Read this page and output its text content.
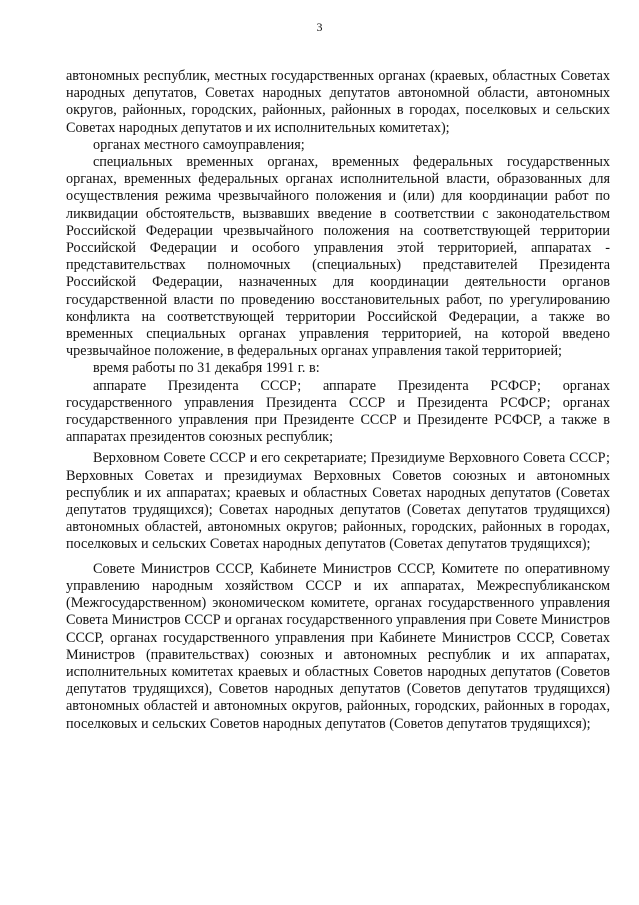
3

автономных республик, местных государственных органах (краевых, областных Советах народных депутатов, Советах народных депутатов автономной области, автономных округов, районных, городских, районных, районных в городах, поселковых и сельских Советах народных депутатов и их исполнительных комитетах);

органах местного самоуправления;

специальных временных органах, временных федеральных государственных органах, временных федеральных органах исполнительной власти, образованных для осуществления режима чрезвычайного положения и (или) для координации работ по ликвидации обстоятельств, вызвавших введение в соответствии с законодательством Российской Федерации чрезвычайного положения на соответствующей территории Российской Федерации и особого управления этой территорией, аппаратах - представительствах полномочных (специальных) представителей Президента Российской Федерации, назначенных для координации деятельности органов государственной власти по проведению восстановительных работ, по урегулированию конфликта на соответствующей территории Российской Федерации, а также во временных специальных органах управления территорией, на которой введено чрезвычайное положение, в федеральных органах управления такой территорией;

время работы по 31 декабря 1991 г. в:

аппарате Президента СССР; аппарате Президента РСФСР; органах государственного управления Президента СССР и Президента РСФСР; органах государственного управления при Президенте СССР и Президенте РСФСР, а также в аппаратах президентов союзных республик;

Верховном Совете СССР и его секретариате; Президиуме Верховного Совета СССР; Верховных Советах и президиумах Верховных Советов союзных и автономных республик и их аппаратах; краевых и областных Советах народных депутатов (Советах депутатов трудящихся); Советах народных депутатов (Советах депутатов трудящихся) автономных областей, автономных округов; районных, городских, районных в городах, поселковых и сельских Советах народных депутатов (Советах депутатов трудящихся);

Совете Министров СССР, Кабинете Министров СССР, Комитете по оперативному управлению народным хозяйством СССР и их аппаратах, Межреспубликанском (Межгосударственном) экономическом комитете, органах государственного управления Совета Министров СССР и органах государственного управления при Совете Министров СССР, органах государственного управления при Кабинете Министров СССР, Советах Министров (правительствах) союзных и автономных республик и их аппаратах, исполнительных комитетах краевых и областных Советов народных депутатов (Советов депутатов трудящихся), Советов народных депутатов (Советов депутатов трудящихся) автономных областей и автономных округов, районных, городских, районных в городах, поселковых и сельских Советов народных депутатов (Советов депутатов трудящихся);
